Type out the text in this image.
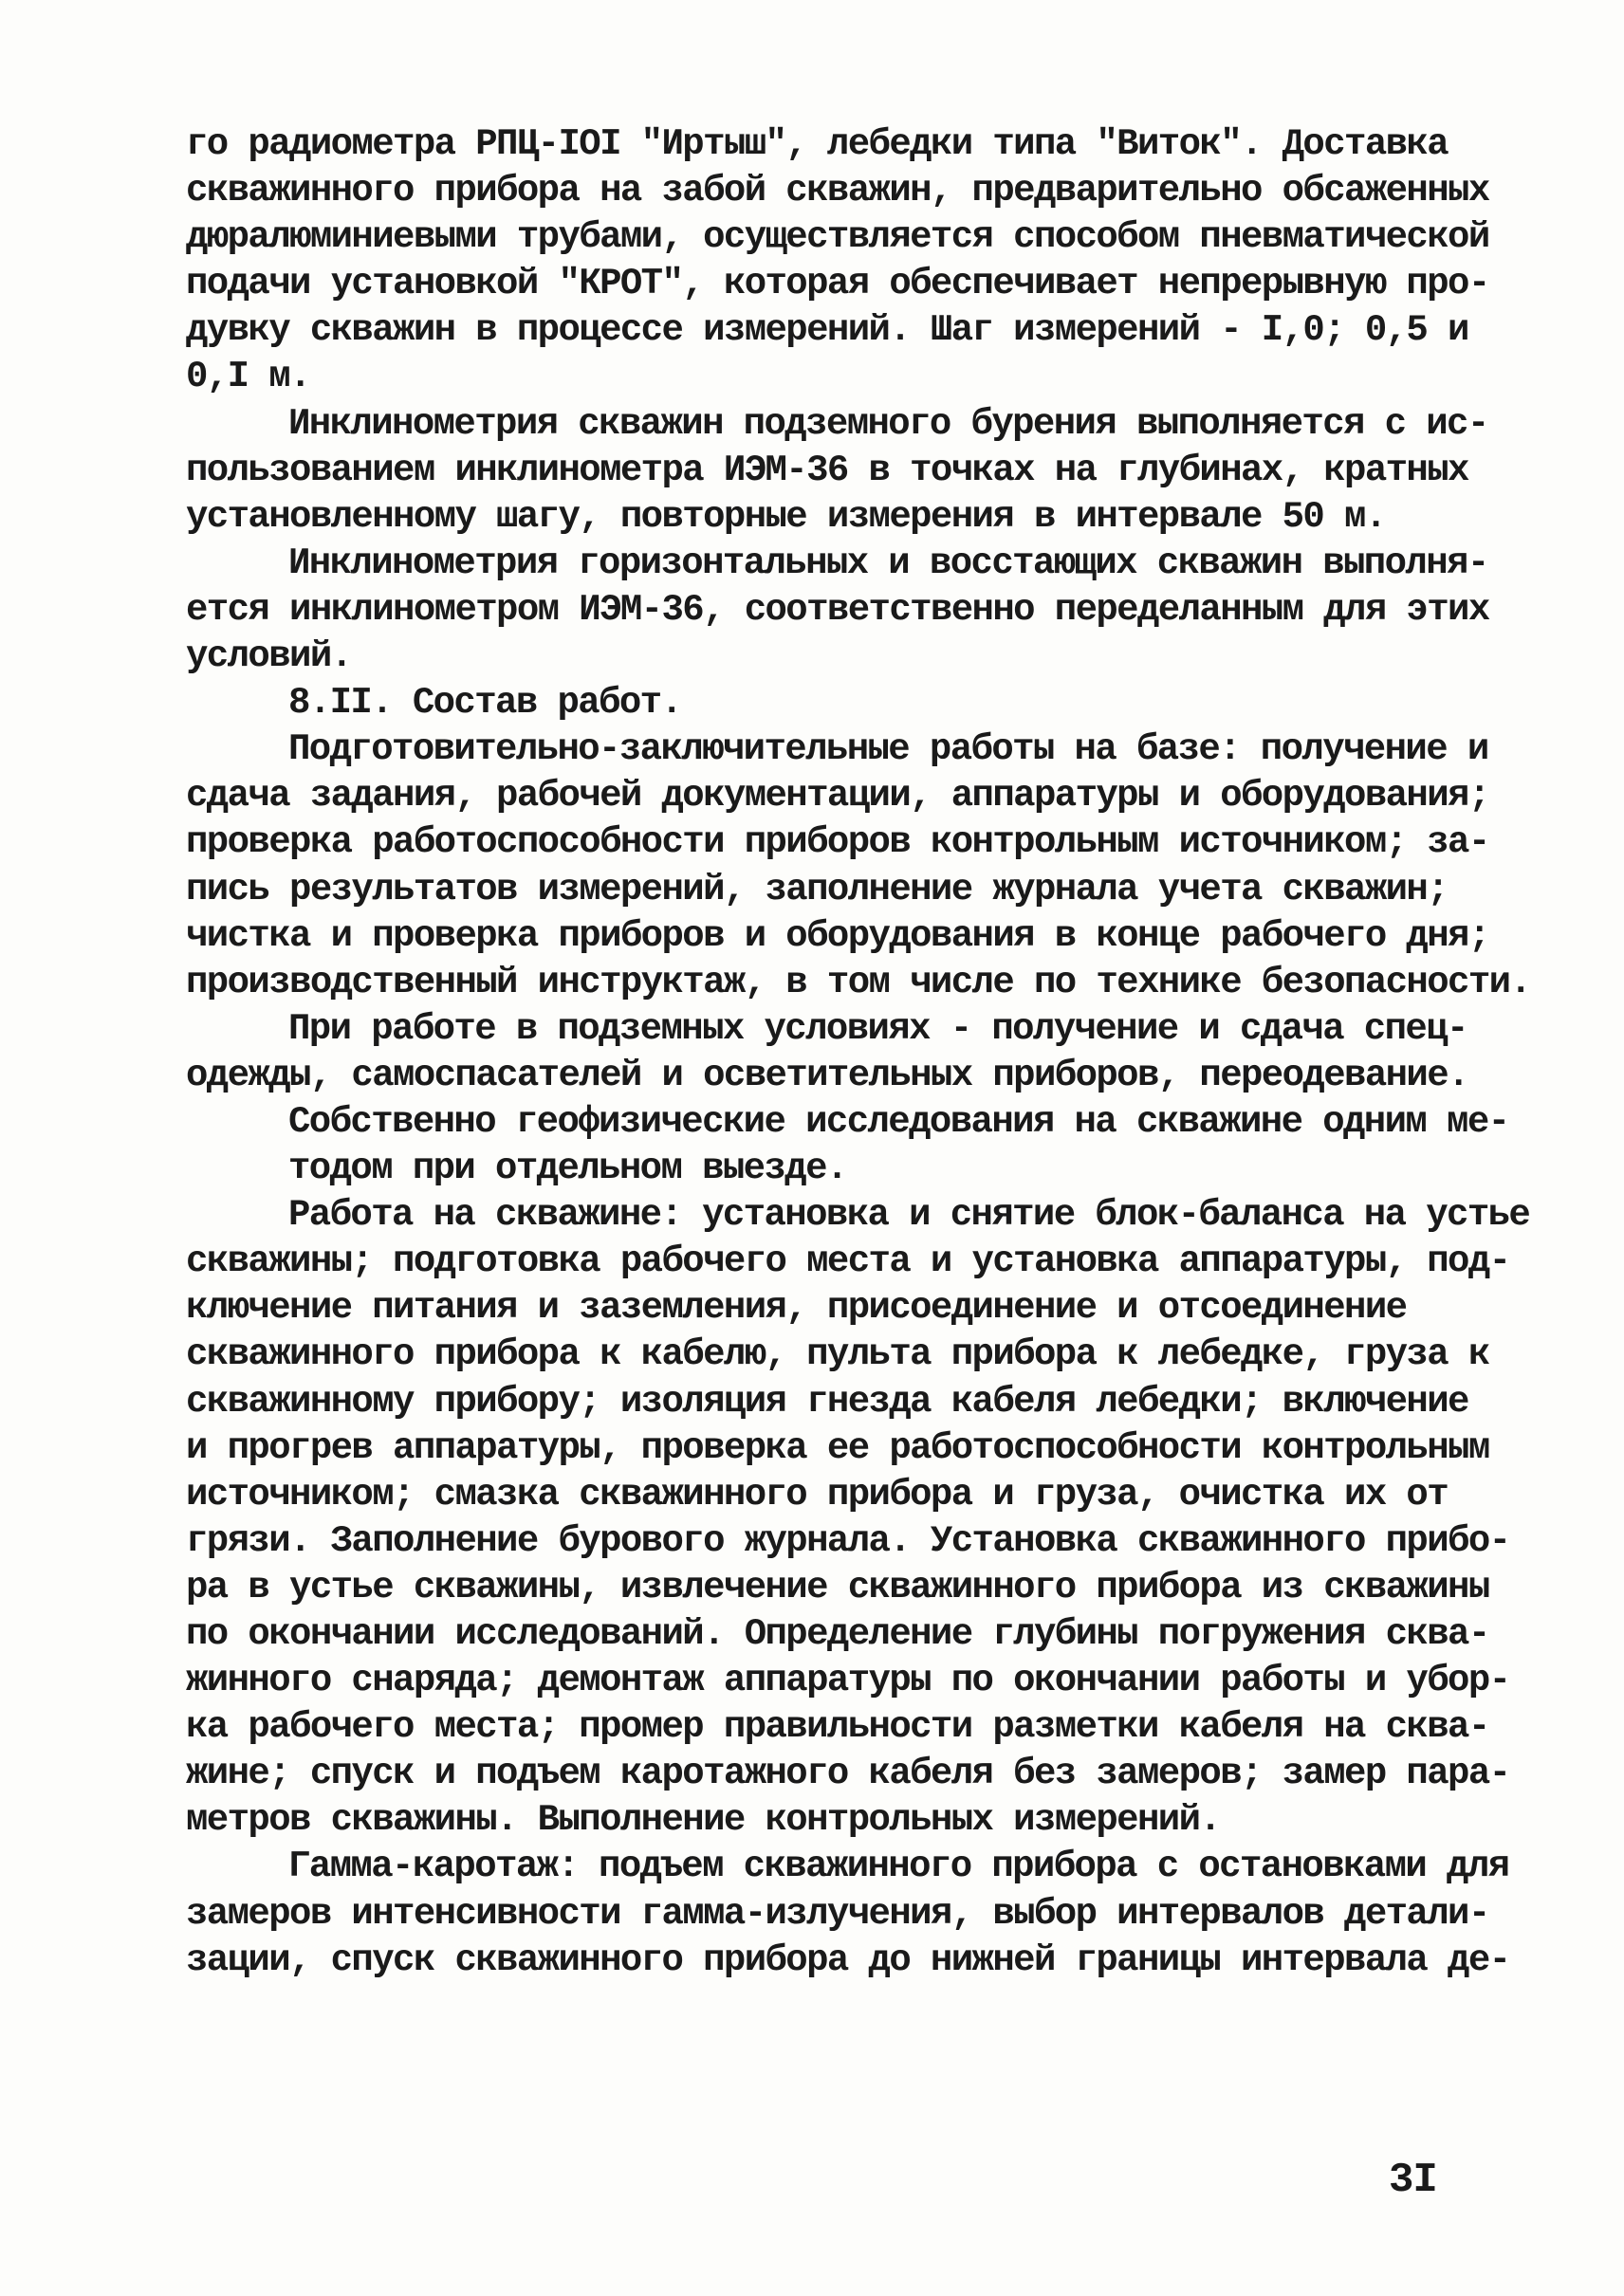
го радиометра РПЦ-IOI "Иртыш", лебедки типа "Виток". Доставка
скважинного прибора на забой скважин, предварительно обсаженных
дюралюминиевыми трубами, осуществляется способом пневматической
подачи установкой "КРОТ", которая обеспечивает непрерывную про-
дувку скважин в процессе измерений. Шаг измерений - I,0; 0,5 и
0,I м.
Инклинометрия скважин подземного бурения выполняется с ис-
пользованием инклинометра ИЭМ-36 в точках на глубинах, кратных
установленному шагу, повторные измерения в интервале 50 м.
Инклинометрия горизонтальных и восстающих скважин выполня-
ется инклинометром ИЭМ-36, соответственно переделанным для этих
условий.
8.II. Состав работ.
Подготовительно-заключительные работы на базе: получение и
сдача задания, рабочей документации, аппаратуры и оборудования;
проверка работоспособности приборов контрольным источником; за-
пись результатов измерений, заполнение журнала учета скважин;
чистка и проверка приборов и оборудования в конце рабочего дня;
производственный инструктаж, в том числе по технике безопасности.
При работе в подземных условиях - получение и сдача спец-
одежды, самоспасателей и осветительных приборов, переодевание.
Собственно геофизические исследования на скважине одним ме-
тодом при отдельном выезде.
Работа на скважине: установка и снятие блок-баланса на устье
скважины; подготовка рабочего места и установка аппаратуры, под-
ключение питания и заземления, присоединение и отсоединение
скважинного прибора к кабелю, пульта прибора к лебедке, груза к
скважинному прибору; изоляция гнезда кабеля лебедки; включение
и прогрев аппаратуры, проверка ее работоспособности контрольным
источником; смазка скважинного прибора и груза, очистка их от
грязи. Заполнение бурового журнала. Установка скважинного прибо-
ра в устье скважины, извлечение скважинного прибора из скважины
по окончании исследований. Определение глубины погружения сква-
жинного снаряда; демонтаж аппаратуры по окончании работы и убор-
ка рабочего места; промер правильности разметки кабеля на сква-
жине; спуск и подъем каротажного кабеля без замеров; замер пара-
метров скважины. Выполнение контрольных измерений.
Гамма-каротаж: подъем скважинного прибора с остановками для
замеров интенсивности гамма-излучения, выбор интервалов детали-
зации, спуск скважинного прибора до нижней границы интервала де-
3I
